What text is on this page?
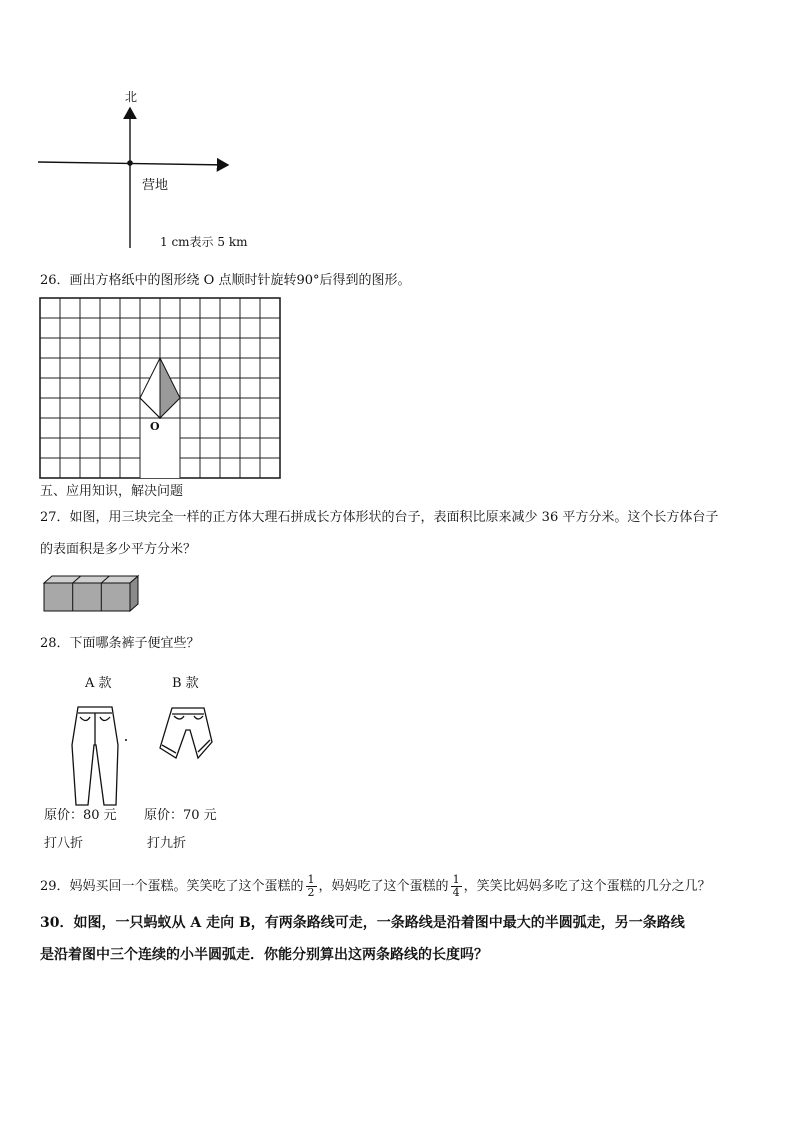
北
营地
1 cm表示 5 km
26．画出方格纸中的图形绕 O 点顺时针旋转90°后得到的图形。
O
五、应用知识，解决问题
27．如图，用三块完全一样的正方体大理石拼成长方体形状的台子，表面积比原来减少 36 平方分米。这个长方体台子
的表面积是多少平方分米？
28．下面哪条裤子便宜些？
A 款	B 款
原价：80 元 原价：70 元
打八折	打九折
29．妈妈买回一个蛋糕。笑笑吃了这个蛋糕的 $\frac{1}{2}$ ，妈妈吃了这个蛋糕的 $\frac{1}{4}$ ，笑笑比妈妈多吃了这个蛋糕的几分之几？
30．如图，一只蚂蚁从 A 走向 B，有两条路线可走，一条路线是沿着图中最大的半圆弧走，另一条路线
是沿着图中三个连续的小半圆弧走．你能分别算出这两条路线的长度吗？
